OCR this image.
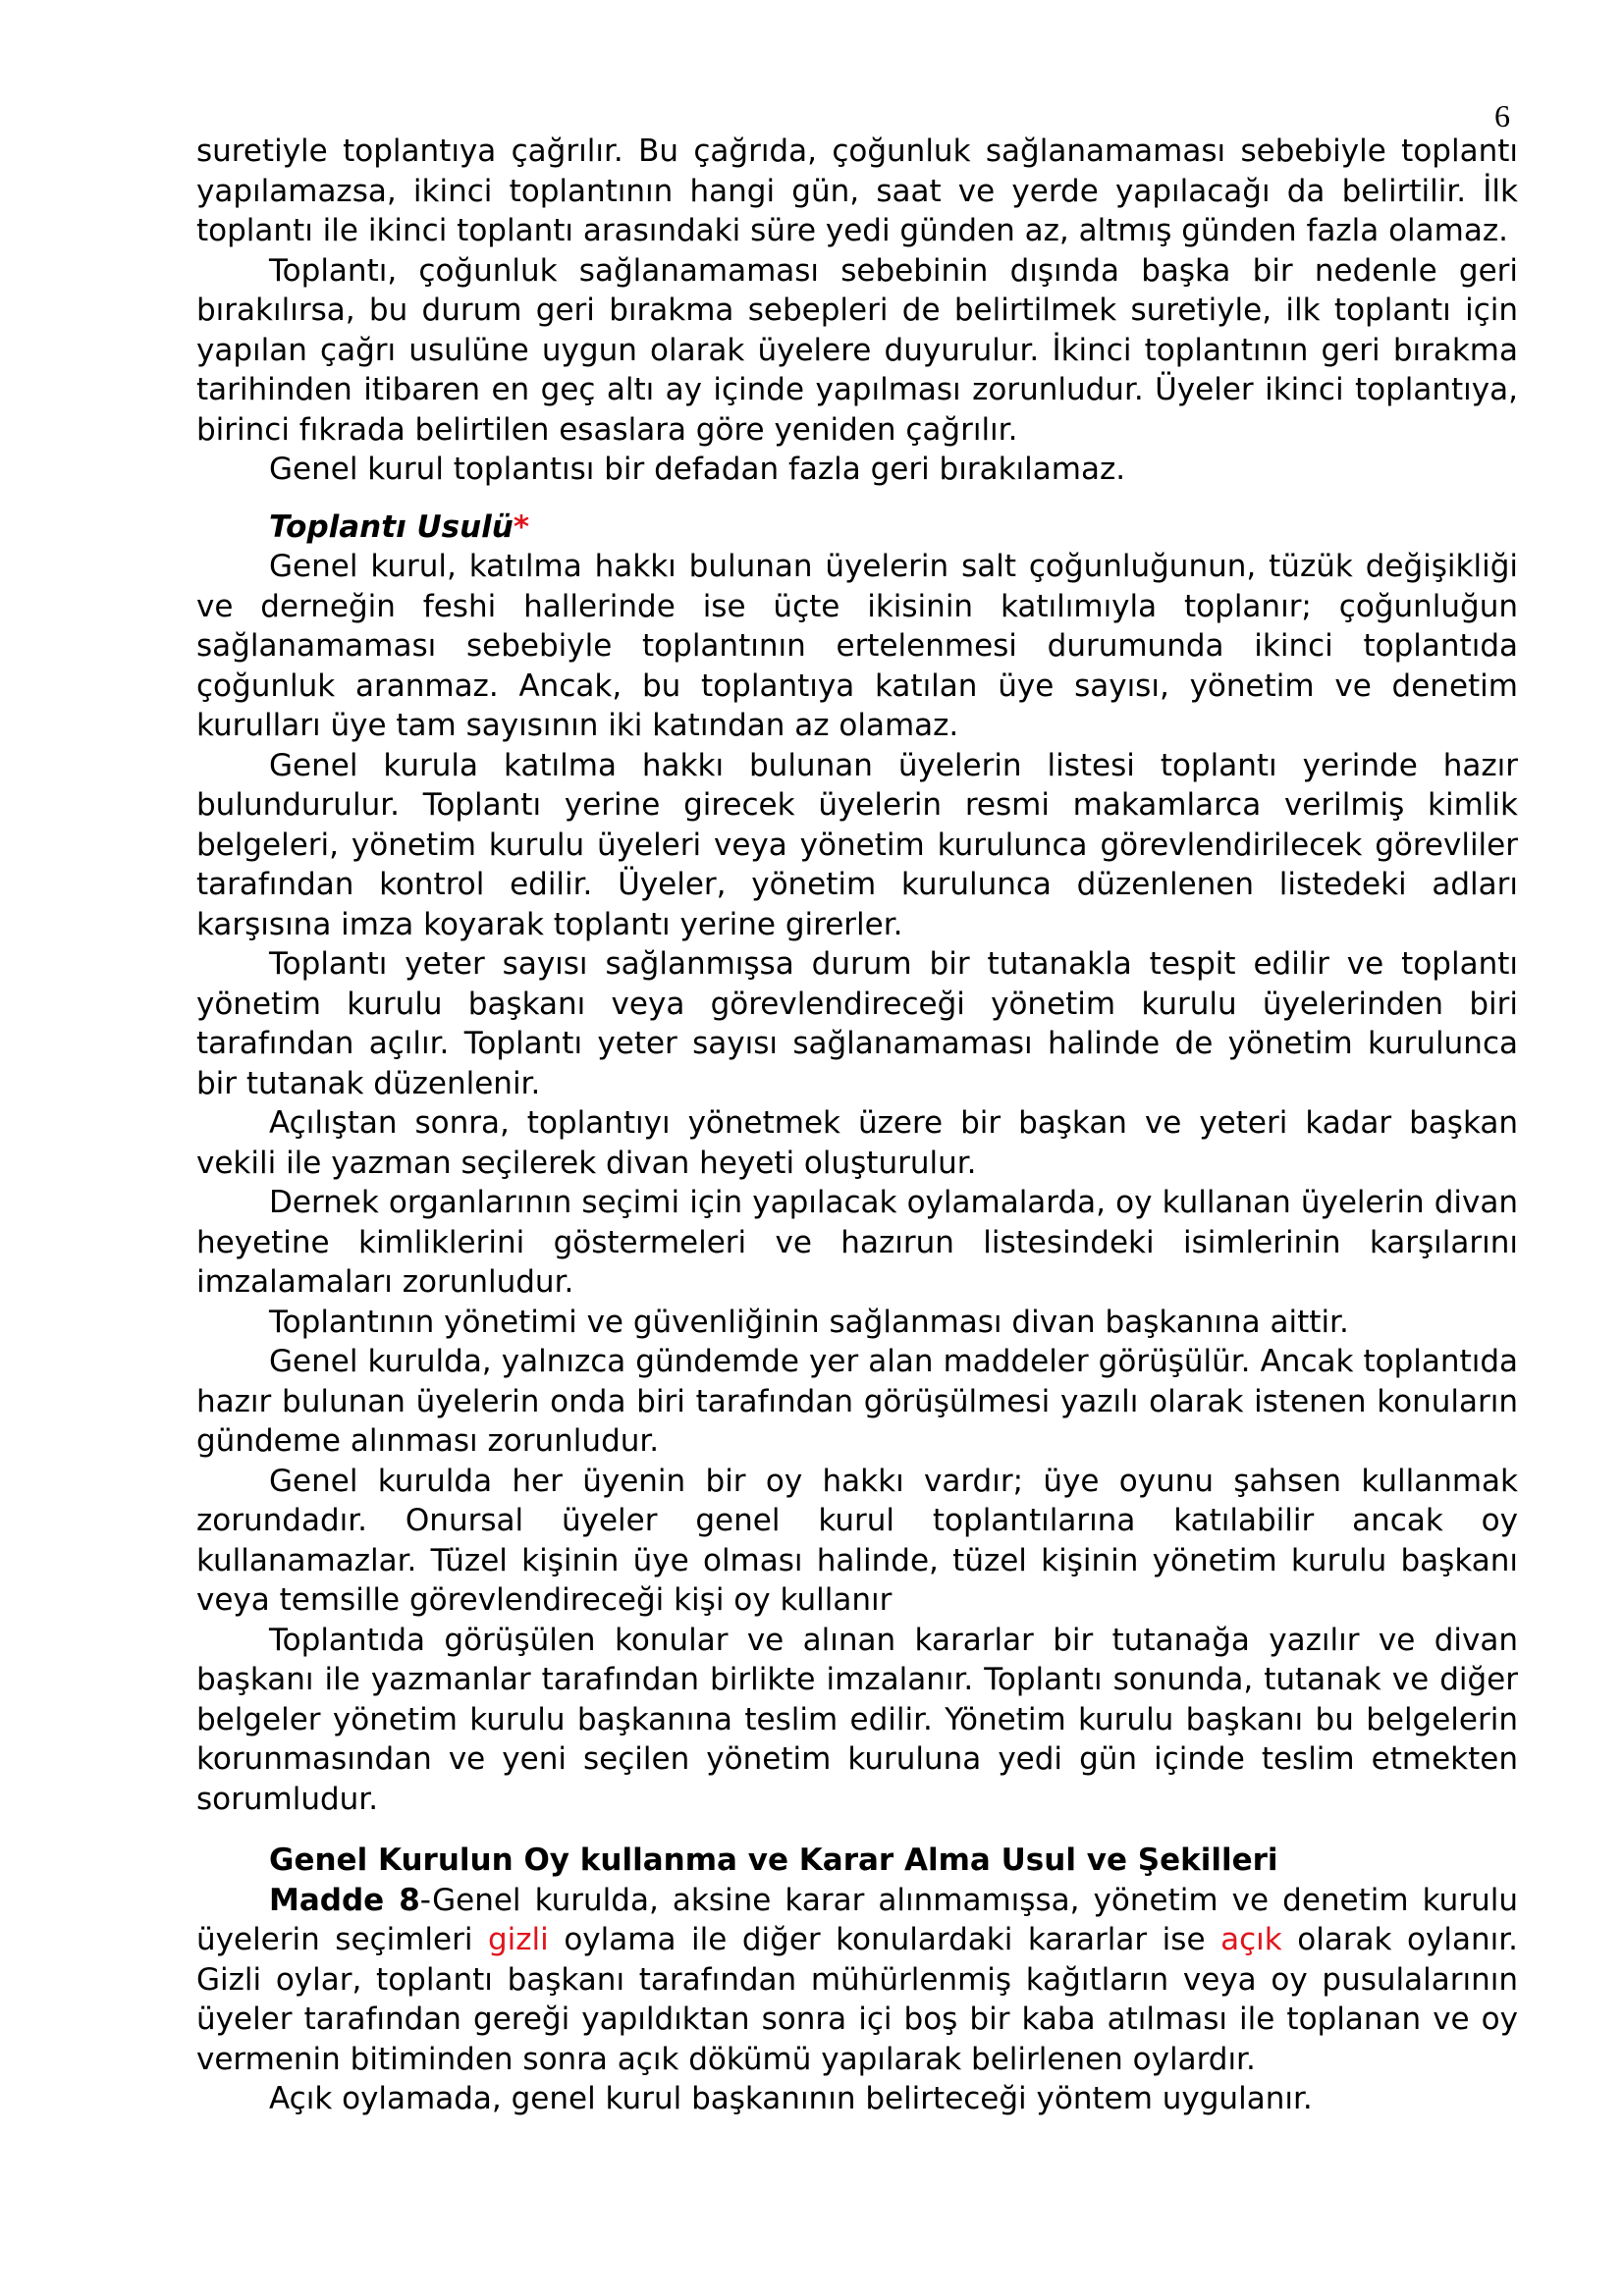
6

suretiyle toplantıya çağrılır. Bu çağrıda, çoğunluk sağlanamaması sebebiyle toplantı yapılamazsa, ikinci toplantının hangi gün, saat ve yerde yapılacağı da belirtilir. İlk toplantı ile ikinci toplantı arasındaki süre yedi günden az, altmış günden fazla olamaz.

Toplantı, çoğunluk sağlanamaması sebebinin dışında başka bir nedenle geri bırakılırsa, bu durum geri bırakma sebepleri de belirtilmek suretiyle, ilk toplantı için yapılan çağrı usulüne uygun olarak üyelere duyurulur. İkinci toplantının geri bırakma tarihinden itibaren en geç altı ay içinde yapılması zorunludur. Üyeler ikinci toplantıya, birinci fıkrada belirtilen esaslara göre yeniden çağrılır.

Genel kurul toplantısı bir defadan fazla geri bırakılamaz.

Toplantı Usulü*

Genel kurul, katılma hakkı bulunan üyelerin salt çoğunluğunun, tüzük değişikliği ve derneğin feshi hallerinde ise üçte ikisinin katılımıyla toplanır; çoğunluğun sağlanamaması sebebiyle toplantının ertelenmesi durumunda ikinci toplantıda çoğunluk aranmaz. Ancak, bu toplantıya katılan üye sayısı, yönetim ve denetim kurulları üye tam sayısının iki katından az olamaz.

Genel kurula katılma hakkı bulunan üyelerin listesi toplantı yerinde hazır bulundurulur. Toplantı yerine girecek üyelerin resmi makamlarca verilmiş kimlik belgeleri, yönetim kurulu üyeleri veya yönetim kurulunca görevlendirilecek görevliler tarafından kontrol edilir. Üyeler, yönetim kurulunca düzenlenen listedeki adları karşısına imza koyarak toplantı yerine girerler.

Toplantı yeter sayısı sağlanmışsa durum bir tutanakla tespit edilir ve toplantı yönetim kurulu başkanı veya görevlendireceği yönetim kurulu üyelerinden biri tarafından açılır. Toplantı yeter sayısı sağlanamaması halinde de yönetim kurulunca bir tutanak düzenlenir.

Açılıştan sonra, toplantıyı yönetmek üzere bir başkan ve yeteri kadar başkan vekili ile yazman seçilerek divan heyeti oluşturulur.

Dernek organlarının seçimi için yapılacak oylamalarda, oy kullanan üyelerin divan heyetine kimliklerini göstermeleri ve hazırun listesindeki isimlerinin karşılarını imzalamaları zorunludur.

Toplantının yönetimi ve güvenliğinin sağlanması divan başkanına aittir.

Genel kurulda, yalnızca gündemde yer alan maddeler görüşülür. Ancak toplantıda hazır bulunan üyelerin onda biri tarafından görüşülmesi yazılı olarak istenen konuların gündeme alınması zorunludur.

Genel kurulda her üyenin bir oy hakkı vardır; üye oyunu şahsen kullanmak zorundadır. Onursal üyeler genel kurul toplantılarına katılabilir ancak oy kullanamazlar. Tüzel kişinin üye olması halinde, tüzel kişinin yönetim kurulu başkanı veya temsille görevlendireceği kişi oy kullanır

Toplantıda görüşülen konular ve alınan kararlar bir tutanağa yazılır ve divan başkanı ile yazmanlar tarafından birlikte imzalanır. Toplantı sonunda, tutanak ve diğer belgeler yönetim kurulu başkanına teslim edilir. Yönetim kurulu başkanı bu belgelerin korunmasından ve yeni seçilen yönetim kuruluna yedi gün içinde teslim etmekten sorumludur.

Genel Kurulun Oy kullanma ve Karar Alma Usul ve Şekilleri

Madde 8-Genel kurulda, aksine karar alınmamışsa, yönetim ve denetim kurulu üyelerin seçimleri gizli oylama ile diğer konulardaki kararlar ise açık olarak oylanır. Gizli oylar, toplantı başkanı tarafından mühürlenmiş kağıtların veya oy pusulalarının üyeler tarafından gereği yapıldıktan sonra içi boş bir kaba atılması ile toplanan ve oy vermenin bitiminden sonra açık dökümü yapılarak belirlenen oylardır.

Açık oylamada, genel kurul başkanının belirteceği yöntem uygulanır.
